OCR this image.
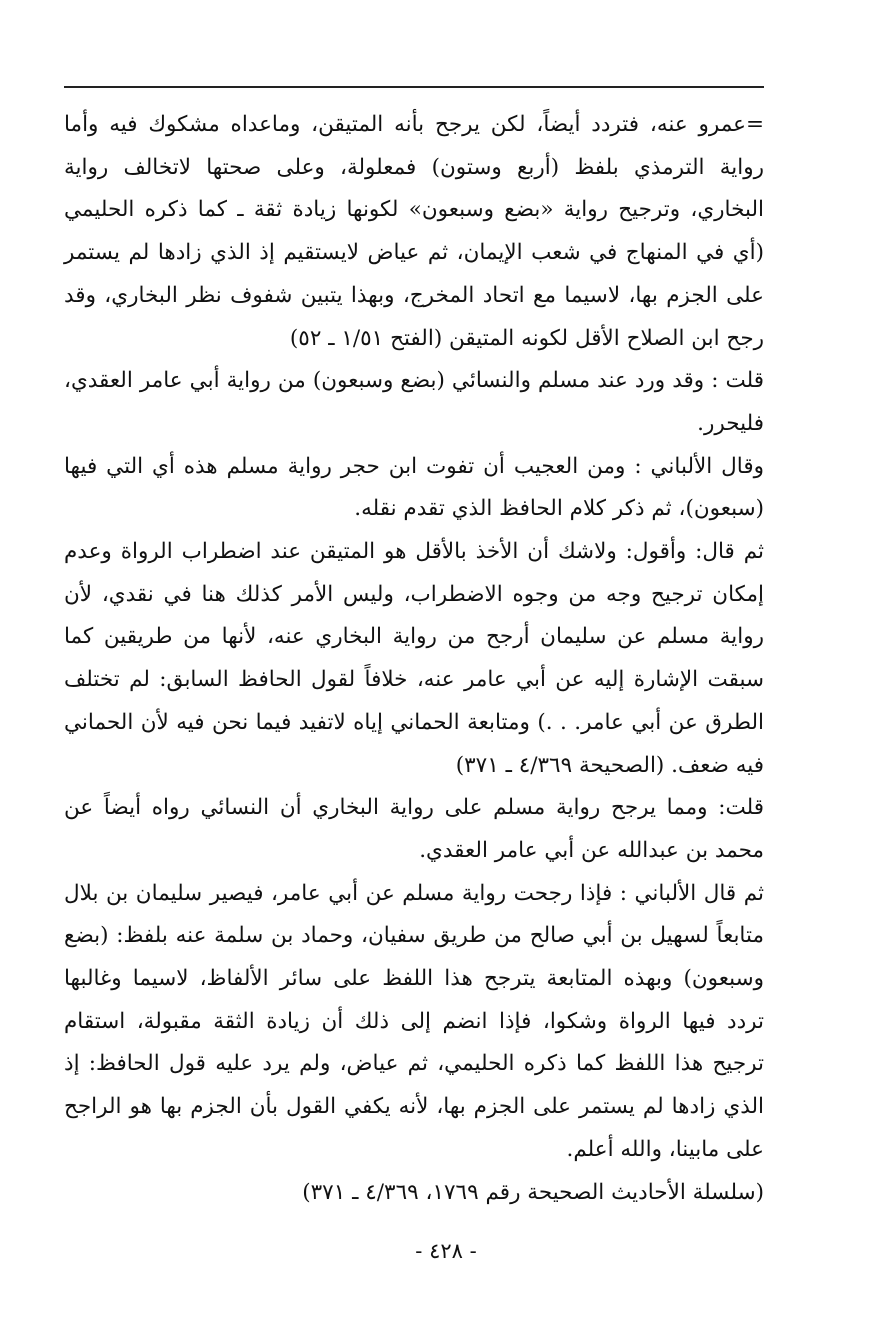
=عمرو عنه، فتردد أيضاً، لكن يرجح بأنه المتيقن، وماعداه مشكوك فيه وأما رواية الترمذي بلفظ (أربع وستون) فمعلولة، وعلى صحتها لاتخالف رواية البخاري، وترجيح رواية «بضع وسبعون» لكونها زيادة ثقة ـ كما ذكره الحليمي (أي في المنهاج في شعب الإيمان، ثم عياض لايستقيم إذ الذي زادها لم يستمر على الجزم بها، لاسيما مع اتحاد المخرج، وبهذا يتبين شفوف نظر البخاري، وقد رجح ابن الصلاح الأقل لكونه المتيقن (الفتح ١/٥١ ـ ٥٢)

قلت : وقد ورد عند مسلم والنسائي (بضع وسبعون) من رواية أبي عامر العقدي، فليحرر.

وقال الألباني : ومن العجيب أن تفوت ابن حجر رواية مسلم هذه أي التي فيها (سبعون)، ثم ذكر كلام الحافظ الذي تقدم نقله.

ثم قال: وأقول: ولاشك أن الأخذ بالأقل هو المتيقن عند اضطراب الرواة وعدم إمكان ترجيح وجه من وجوه الاضطراب، وليس الأمر كذلك هنا في نقدي، لأن رواية مسلم عن سليمان أرجح من رواية البخاري عنه، لأنها من طريقين كما سبقت الإشارة إليه عن أبي عامر عنه، خلافاً لقول الحافظ السابق: لم تختلف الطرق عن أبي عامر. . .) ومتابعة الحماني إياه لاتفيد فيما نحن فيه لأن الحماني فيه ضعف. (الصحيحة ٤/٣٦٩ ـ ٣٧١)

قلت: ومما يرجح رواية مسلم على رواية البخاري أن النسائي رواه أيضاً عن محمد بن عبدالله عن أبي عامر العقدي.

ثم قال الألباني : فإذا رجحت رواية مسلم عن أبي عامر، فيصير سليمان بن بلال متابعاً لسهيل بن أبي صالح من طريق سفيان، وحماد بن سلمة عنه بلفظ: (بضع وسبعون) وبهذه المتابعة يترجح هذا اللفظ على سائر الألفاظ، لاسيما وغالبها تردد فيها الرواة وشكوا، فإذا انضم إلى ذلك أن زيادة الثقة مقبولة، استقام ترجيح هذا اللفظ كما ذكره الحليمي، ثم عياض، ولم يرد عليه قول الحافظ: إذ الذي زادها لم يستمر على الجزم بها، لأنه يكفي القول بأن الجزم بها هو الراجح على مابينا، والله أعلم.

(سلسلة الأحاديث الصحيحة رقم ١٧٦٩، ٤/٣٦٩ ـ ٣٧١)

- ٤٢٨ -
